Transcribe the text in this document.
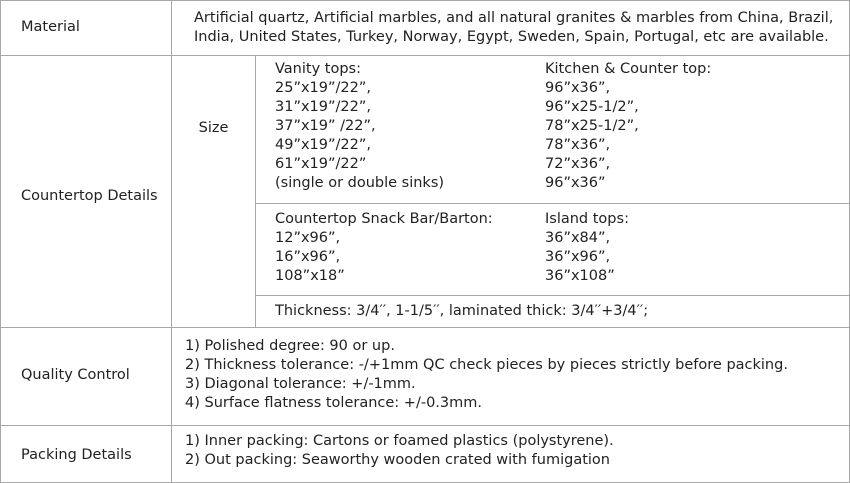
Material
Artificial quartz, Artificial marbles, and all natural granites & marbles from China, Brazil,
India, United States, Turkey, Norway, Egypt, Sweden, Spain, Portugal, etc are available.
Countertop Details
Size
Vanity tops:
25”x19”/22”,
31”x19”/22”,
37”x19” /22”,
49”x19”/22”,
61”x19”/22”
(single or double sinks)
Kitchen & Counter top:
96”x36”,
96”x25-1/2”,
78”x25-1/2”,
78”x36”,
72”x36”,
96”x36”
Countertop Snack Bar/Barton:
12”x96”,
16”x96”,
108”x18”
Island tops:
36”x84”,
36”x96”,
36”x108”
Thickness: 3/4′′, 1-1/5′′, laminated thick: 3/4′′+3/4′′;
Quality Control
1) Polished degree: 90 or up.
2) Thickness tolerance: -/+1mm QC check pieces by pieces strictly before packing.
3) Diagonal tolerance: +/-1mm.
4) Surface flatness tolerance: +/-0.3mm.
Packing Details
1) Inner packing: Cartons or foamed plastics (polystyrene).
2) Out packing: Seaworthy wooden crated with fumigation
